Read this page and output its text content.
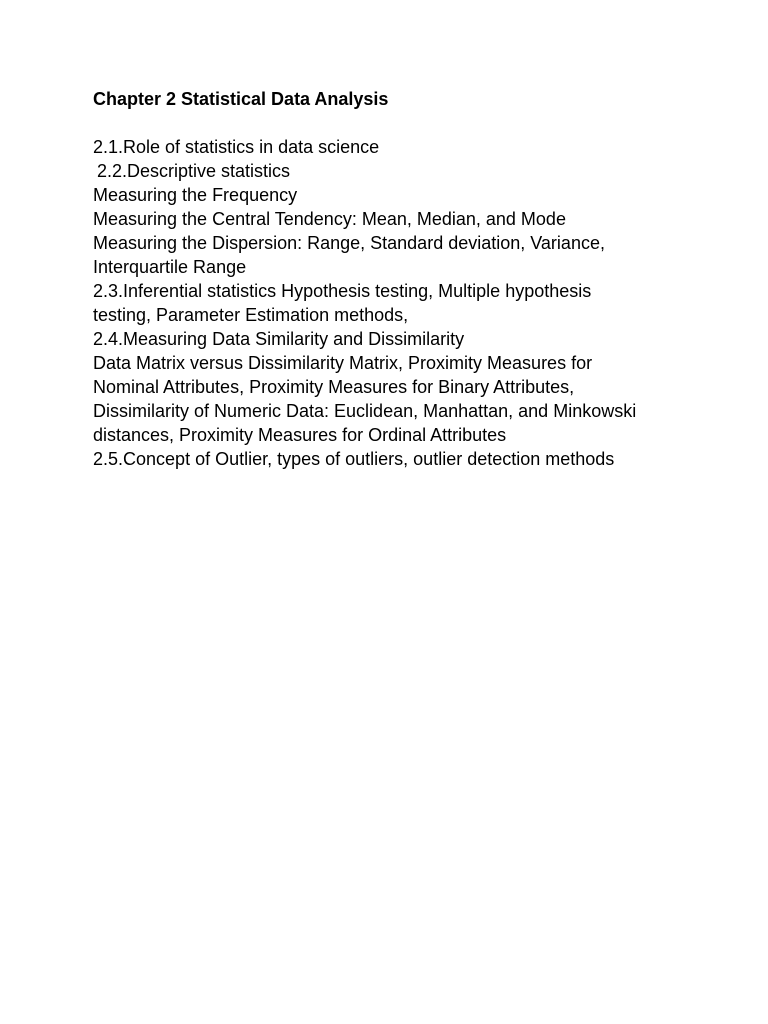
Chapter 2 Statistical Data Analysis

2.1.Role of statistics in data science

2.2.Descriptive statistics

Measuring the Frequency

Measuring the Central Tendency: Mean, Median, and Mode

Measuring the Dispersion: Range, Standard deviation, Variance,

Interquartile Range

2.3.Inferential statistics Hypothesis testing, Multiple hypothesis

testing, Parameter Estimation methods,

2.4.Measuring Data Similarity and Dissimilarity

Data Matrix versus Dissimilarity Matrix, Proximity Measures for

Nominal Attributes, Proximity Measures for Binary Attributes,

Dissimilarity of Numeric Data: Euclidean, Manhattan, and Minkowski

distances, Proximity Measures for Ordinal Attributes

2.5.Concept of Outlier, types of outliers, outlier detection methods
